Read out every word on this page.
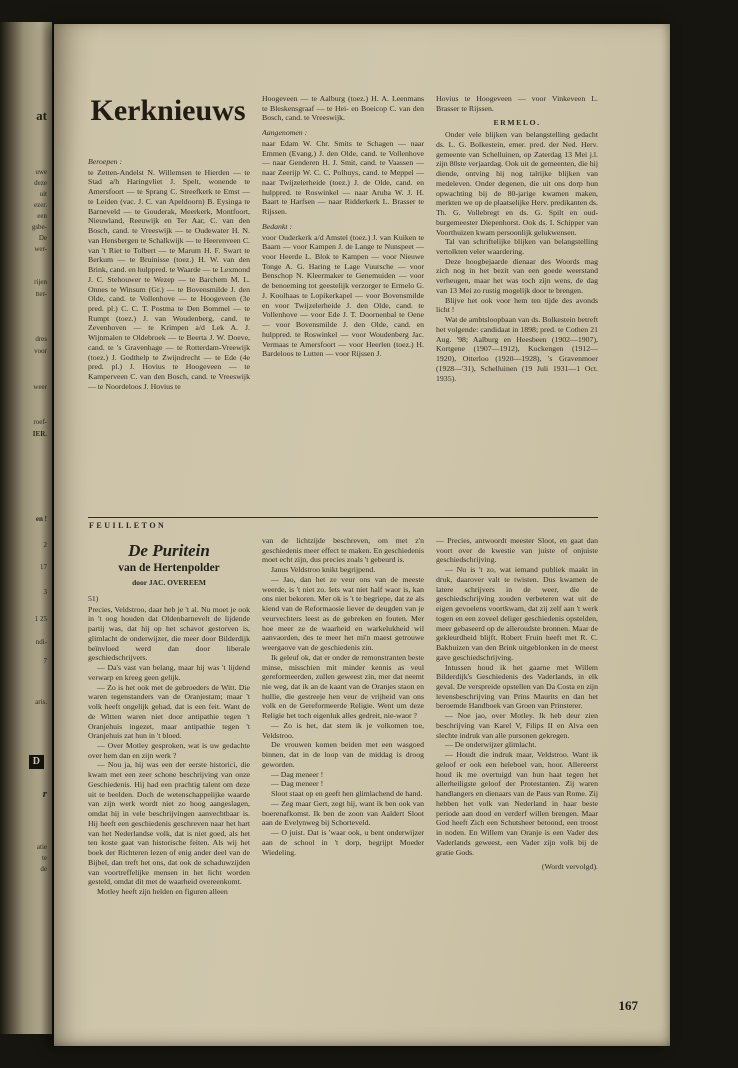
at
uwe
deze
uit
ezer.
een
gsbe-
De
wer-
rijen
tter-
dres
voor
weer
roef-
IER.
en !
2
17
3
1 25
ndi-
7
aris.
D
r
atie
te
de
Kerknieuws

Beroepen :

te Zetten-Andelst N. Willemsen te Hierden — te Stad a/h Haringvliet J. Spelt, wonende te Amersfoort — te Sprang C. Streefkerk te Emst — te Leiden (vac. J. C. van Apeldoorn) B. Eysinga te Barneveld — te Gouderak, Meerkerk, Montfoort, Nieuwland, Reeuwijk en Ter Aar, C. van den Bosch, cand. te Vreeswijk — te Oudewater H. N. van Hensbergen te Schalkwijk — te Heerenveen C. van 't Riet te Tolbert — te Marum H. F. Swart te Berkum — te Bruinisse (toez.) H. W. van den Brink, cand. en hulppred. te Waarde — te Lexmond J. C. Stehouwer te Wezep — te Barchem M. L. Onnes te Winsum (Gr.) — te Bovensmilde J. den Olde, cand. te Vollenhove — te Hoogeveen (3e pred. pl.) C. C. T. Postma te Den Bommel — te Rumpt (toez.) J. van Woudenberg, cand. te Zevenhoven — te Krimpen a/d Lek A. J. Wijnmalen te Oldebroek — te Beerta J. W. Doeve, cand. te 's Gravenhage — te Rotterdam-Vreewijk (toez.) J. Godthelp te Zwijndrecht — te Ede (4e pred. pl.) J. Hovius te Hoogeveen — te Kamperveen C. van den Bosch, cand. te Vreeswijk — te Noordeloos J. Hovius te

Hoogeveen — te Aalburg (toez.) H. A. Leenmans te Bleskensgraaf — te Hei- en Boeicop C. van den Bosch, cand. te Vreeswijk.

Aangenomen :

naar Edam W. Chr. Smits te Schagen — naar Emmen (Evang.) J. den Olde, cand. te Vollenhove — naar Genderen H. J. Smit, cand. te Vaassen — naar Zeerijp W. C. C. Polhuys, cand. te Meppel — naar Twijzelerheide (toez.) J. de Olde, cand. en hulppred. te Roswinkel — naar Aruba W. J. H. Baart te Harfsen — naar Ridderkerk L. Brasser te Rijssen.

Bedankt :

voor Ouderkerk a/d Amstel (toez.) J. van Kuiken te Baarn — voor Kampen J. de Lange te Nunspeet — voor Heerde L. Blok te Kampen — voor Nieuwe Tonge A. G. Haring te Lage Vuursche — voor Benschop N. Kleermaker te Genemuiden — voor de benoeming tot geestelijk verzorger te Ermelo G. J. Koolhaas te Lopikerkapel — voor Bovensmilde en voor Twijzelerheide J. den Olde, cand. te Vollenhove — voor Ede J. T. Doornenbal te Oene — voor Bovensmilde J. den Olde, cand. en hulppred. te Roswinkel — voor Woudenberg Jac. Vermaas te Amersfoort — voor Heerlen (toez.) H. Bardeloos te Lutten — voor Rijssen J.

Hovius te Hoogeveen — voor Vinkeveen L. Brasser te Rijssen.

ERMELO.

Onder vele blijken van belangstelling gedacht ds. L. G. Bolkestein, emer. pred. der Ned. Herv. gemeente van Schelluinen, op Zaterdag 13 Mei j.l. zijn 80ste verjaardag. Ook uit de gemeenten, die hij diende, ontving hij nog talrijke blijken van medeleven. Onder degenen, die uit ons dorp hun opwachting bij de 80-jarige kwamen maken, merkten we op de plaatselijke Herv. predikanten ds. Th. G. Vollebregt en ds. G. Spilt en oud-burgemeester Diepenhorst. Ook ds. I. Schipper van Voorthuizen kwam persoonlijk gelukwensen.

Tal van schriftelijke blijken van belangstelling vertolkten veler waardering.

Deze hoogbejaarde dienaar des Woords mag zich nog in het bezit van een goede weerstand verheugen, maar het was toch zijn wens, de dag van 13 Mei zo rustig mogelijk door te brengen.

Blijve het ook voor hem ten tijde des avonds licht !

Wat de ambtsloopbaan van ds. Bolkestein betreft het volgende: candidaat in 1898; pred. te Cothen 21 Aug. '98; Aalburg en Heesbeen (1902—1907), Kortgene (1907—1912), Kockengen (1912—1920), Otterloo (1920—1928), 's Gravenmoer (1928—'31), Schelluinen (19 Juli 1931—1 Oct. 1935).

FEUILLETON
De Puritein
van de Hertenpolder
door JAC. OVEREEM

51)

Precies, Veldstroo, daar heb je 't al. Nu moet je ook in 't oog houden dat Oldenbarnevelt de lijdende partij was, dat hij op het schavot gestorven is, glimlacht de onderwijzer, die meer door Bilderdijk beïnvloed werd dan door liberale geschiedschrijvers.

— Da's vast van belang, maar hij was 't lijdend verwarp en kreeg geen gelijk.

— Zo is het ook met de gebroeders de Witt. Die waren tegenstanders van de Oranjestam; maar 't volk heeft ongelijk gehad, dat is een feit. Want de de Witten waren niet door antipathie tegen 't Oranjehuis ingezet, maar antipathie tegen 't Oranjehuis zat hun in 't bloed.

— Over Motley gesproken, wat is uw gedachte over hem dan en zijn werk ?

— Nou ja, hij was een der eerste historici, die kwam met een zeer schone beschrijving van onze Geschiedenis. Hij had een prachtig talent om deze uit te beelden. Doch de wetenschappelijke waarde van zijn werk wordt niet zo hoog aangeslagen, omdat hij in vele beschrijvingen aanvechtbaar is. Hij heeft een geschiedenis geschreven naar het hart van het Nederlandse volk, dat is niet goed, als het ten koste gaat van historische feiten. Als wij het boek der Richteren lezen of enig ander deel van de Bijbel, dan treft het ons, dat ook de schaduwzijden van voortreffelijke mensen in het licht worden gesteld, omdat dit met de waarheid overeenkomt.

Motley heeft zijn helden en figuren alleen

van de lichtzijde beschreven, om met z'n geschiedenis meer effect te maken. En geschiedenis moet echt zijn, dus precies zoals 't gebeurd is.

Janus Veldstroo knikt begrijpend.

— Jao, dan het ze veur ons van de meeste weerde, is 't niet zo. Iets wat niet half waor is, kan ons niet bekoren. Mer ok is 't te begriepe, dat ze als kiend van de Reformaosie liever de deugden van je veurvechters leest as de gebreken en fouten. Mer hoe meer ze de waarheid en warkelukheid wil aanvaorden, des te meer het mi'n maest getrouwe weergaove van de geschiedenis zin.

Ik geleuf ok, dat er onder de remonstranten beste minse, misschien mit minder kennis as veul gereformeerden, zullen geweest zin, mer dat neemt nie weg, dat ik an de kaant van de Oranjes staon en hullie, die gestreeje hen veur de vrijheid van ons volk en de Gereformeerde Religie. Went um deze Religie het toch eigenluk alles gedreit, nie-waor ?

— Zo is het, dat stem ik je volkomen toe, Veldstroo.

De vrouwen komen beiden met een wasgoed binnen, dat in de loop van de middag is droog geworden.

— Dag meneer !

— Dag meneer !

Sloot staat op en geeft hen glimlachend de hand.

— Zeg maar Gert, zegt hij, want ik ben ook van boerenafkomst. Ik ben de zoon van Aaldert Sloot aan de Evelynweg bij Schorteveld.

— O juist. Dat is 'waar ook, u bent onderwijzer aan de school in 't dorp, begrijpt Moeder Wiedeling.

— Precies, antwoordt meester Sloot, en gaat dan voort over de kwestie van juiste of onjuiste geschiedschrijving.

— Nu is 't zo, wat iemand publiek maakt in druk, daarover valt te twisten. Dus kwamen de latere schrijvers in de weer, die de geschiedschrijving zouden verbeteren wat uit de eigen gevoelens voortkwam, dat zij zelf aan 't werk togen en een zoveel deliger geschiedenis opstelden, meer gebaseerd op de alleroudste bronnen. Maar de gekleurdheid blijft. Robert Fruin heeft met R. C. Bakhuizen van den Brink uitgeblonken in de meest gave geschiedschrijving.

Intussen houd ik het gaarne met Willem Bilderdijk's Geschiedenis des Vaderlands, in elk geval. De verspreide opstellen van Da Costa en zijn levensbeschrijving van Prins Maurits en dan het beroemde Handboek van Groen van Prinsterer.

— Noe jao, over Motley. Ik heb deur zien beschrijving van Karel V, Filips II en Alva een slechte indruk van alle pursonen gekregen.

— De onderwijzer glimlacht.

— Houdt die indruk maar, Veldstroo. Want ik geloof er ook een heleboel van, hoor. Allereerst houd ik me overtuigd van hun haat tegen het allerheiligste geloof der Protestanten. Zij waren handlangers en dienaars van de Paus van Rome. Zij hebben het volk van Nederland in haar beste periode aan dood en verderf willen brengen. Maar God heeft Zich een Schutsheer betoond, een troost in noden. En Willem van Oranje is een Vader des Vaderlands geweest, een Vader zijn volk bij de gratie Gods.

(Wordt vervolgd).

167
